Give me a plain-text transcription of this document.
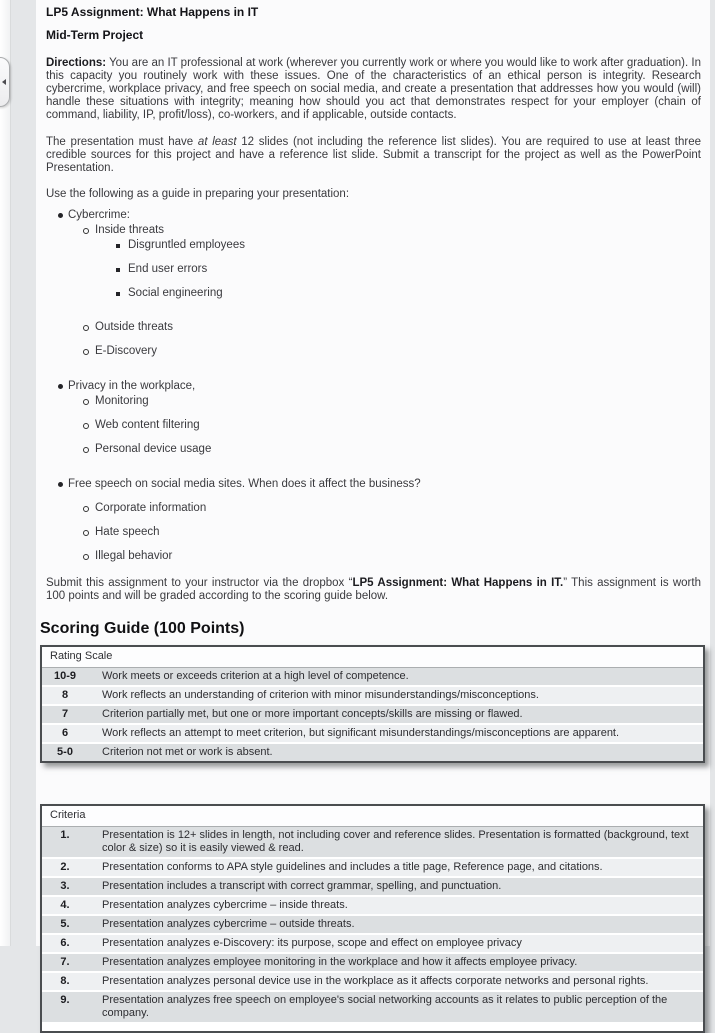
LP5 Assignment: What Happens in IT
Mid-Term Project

Directions: You are an IT professional at work (wherever you currently work or where you would like to work after graduation). In this capacity you routinely work with these issues. One of the characteristics of an ethical person is integrity. Research cybercrime, workplace privacy, and free speech on social media, and create a presentation that addresses how you would (will) handle these situations with integrity; meaning how should you act that demonstrates respect for your employer (chain of command, liability, IP, profit/loss), co-workers, and if applicable, outside contacts.

The presentation must have at least 12 slides (not including the reference list slides). You are required to use at least three credible sources for this project and have a reference list slide. Submit a transcript for the project as well as the PowerPoint Presentation.

Use the following as a guide in preparing your presentation:

Cybercrime:
Inside threats
Disgruntled employees
End user errors
Social engineering
Outside threats
E-Discovery
Privacy in the workplace,
Monitoring
Web content filtering
Personal device usage
Free speech on social media sites. When does it affect the business?
Corporate information
Hate speech
Illegal behavior

Submit this assignment to your instructor via the dropbox “LP5 Assignment: What Happens in IT.” This assignment is worth 100 points and will be graded according to the scoring guide below.

Scoring Guide (100 Points)
Rating Scale
10-9	Work meets or exceeds criterion at a high level of competence.
8	Work reflects an understanding of criterion with minor misunderstandings/misconceptions.
7	Criterion partially met, but one or more important concepts/skills are missing or flawed.
6	Work reflects an attempt to meet criterion, but significant misunderstandings/misconceptions are apparent.
5-0	Criterion not met or work is absent.
Criteria
1.	Presentation is 12+ slides in length, not including cover and reference slides. Presentation is formatted (background, text color & size) so it is easily viewed & read.
2.	Presentation conforms to APA style guidelines and includes a title page, Reference page, and citations.
3.	Presentation includes a transcript with correct grammar, spelling, and punctuation.
4.	Presentation analyzes cybercrime – inside threats.
5.	Presentation analyzes cybercrime – outside threats.
6.	Presentation analyzes e-Discovery: its purpose, scope and effect on employee privacy
7.	Presentation analyzes employee monitoring in the workplace and how it affects employee privacy.
8.	Presentation analyzes personal device use in the workplace as it affects corporate networks and personal rights.
9.	Presentation analyzes free speech on employee's social networking accounts as it relates to public perception of the company.
